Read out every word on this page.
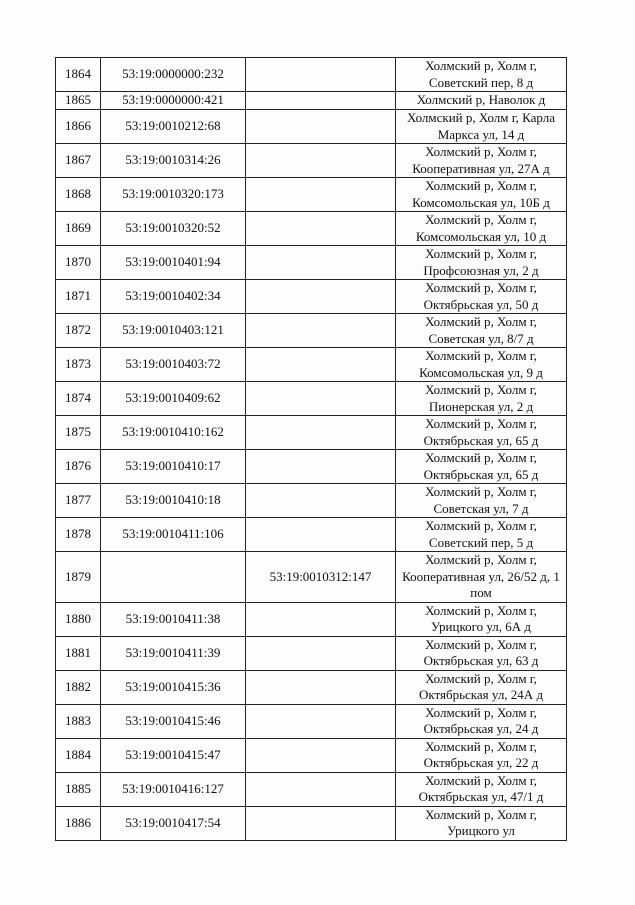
1864	53:19:0000000:232		Холмский р, Холм г,
Советский пер, 8 д

1865	53:19:0000000:421		Холмский р, Наволок д

1866	53:19:0010212:68		Холмский р, Холм г, Карла
Маркса ул, 14 д

1867	53:19:0010314:26		Холмский р, Холм г,
Кооперативная ул, 27А д

1868	53:19:0010320:173		Холмский р, Холм г,
Комсомольская ул, 10Б д

1869	53:19:0010320:52		Холмский р, Холм г,
Комсомольская ул, 10 д

1870	53:19:0010401:94		Холмский р, Холм г,
Профсоюзная ул, 2 д

1871	53:19:0010402:34		Холмский р, Холм г,
Октябрьская ул, 50 д

1872	53:19:0010403:121		Холмский р, Холм г,
Советская ул, 8/7 д

1873	53:19:0010403:72		Холмский р, Холм г,
Комсомольская ул, 9 д

1874	53:19:0010409:62		Холмский р, Холм г,
Пионерская ул, 2 д

1875	53:19:0010410:162		Холмский р, Холм г,
Октябрьская ул, 65 д

1876	53:19:0010410:17		Холмский р, Холм г,
Октябрьская ул, 65 д

1877	53:19:0010410:18		Холмский р, Холм г,
Советская ул, 7 д

1878	53:19:0010411:106		Холмский р, Холм г,
Советский пер, 5 д

1879		53:19:0010312:147	Холмский р, Холм г,
Кооперативная ул, 26/52 д, 1
пом

1880	53:19:0010411:38		Холмский р, Холм г,
Урицкого ул, 6А д

1881	53:19:0010411:39		Холмский р, Холм г,
Октябрьская ул, 63 д

1882	53:19:0010415:36		Холмский р, Холм г,
Октябрьская ул, 24А д

1883	53:19:0010415:46		Холмский р, Холм г,
Октябрьская ул, 24 д

1884	53:19:0010415:47		Холмский р, Холм г,
Октябрьская ул, 22 д

1885	53:19:0010416:127		Холмский р, Холм г,
Октябрьская ул, 47/1 д

1886	53:19:0010417:54		Холмский р, Холм г,
Урицкого ул
